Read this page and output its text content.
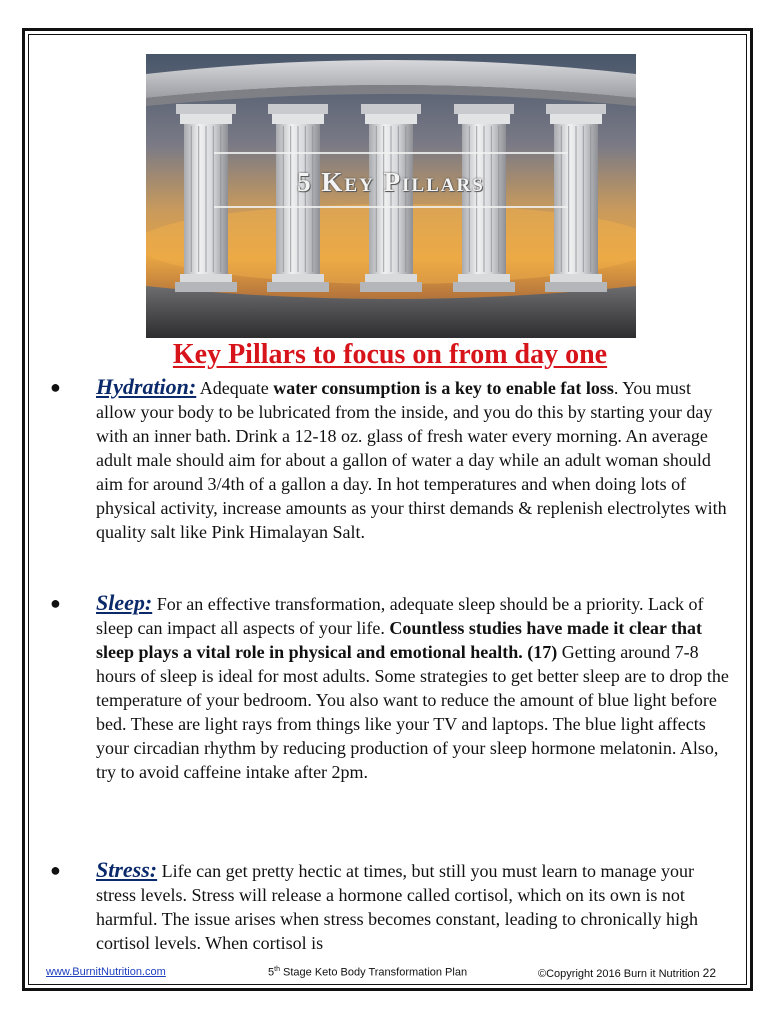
5 Key Pillars
Key Pillars to focus on from day one
●	Hydration: Adequate water consumption is a key to enable fat loss. You must allow your body to be lubricated from the inside, and you do this by starting your day with an inner bath. Drink a 12-18 oz. glass of fresh water every morning. An average adult male should aim for about a gallon of water a day while an adult woman should aim for around 3/4th of a gallon a day. In hot temperatures and when doing lots of physical activity, increase amounts as your thirst demands & replenish electrolytes with quality salt like Pink Himalayan Salt.

●	Sleep: For an effective transformation, adequate sleep should be a priority. Lack of sleep can impact all aspects of your life. Countless studies have made it clear that sleep plays a vital role in physical and emotional health. (17) Getting around 7-8 hours of sleep is ideal for most adults. Some strategies to get better sleep are to drop the temperature of your bedroom. You also want to reduce the amount of blue light before bed. These are light rays from things like your TV and laptops. The blue light affects your circadian rhythm by reducing production of your sleep hormone melatonin. Also, try to avoid caffeine intake after 2pm.

●	Stress: Life can get pretty hectic at times, but still you must learn to manage your stress levels. Stress will release a hormone called cortisol, which on its own is not harmful. The issue arises when stress becomes constant, leading to chronically high cortisol levels. When cortisol is

www.BurnitNutrition.com	5th Stage Keto Body Transformation Plan	©Copyright 2016 Burn it Nutrition 22
